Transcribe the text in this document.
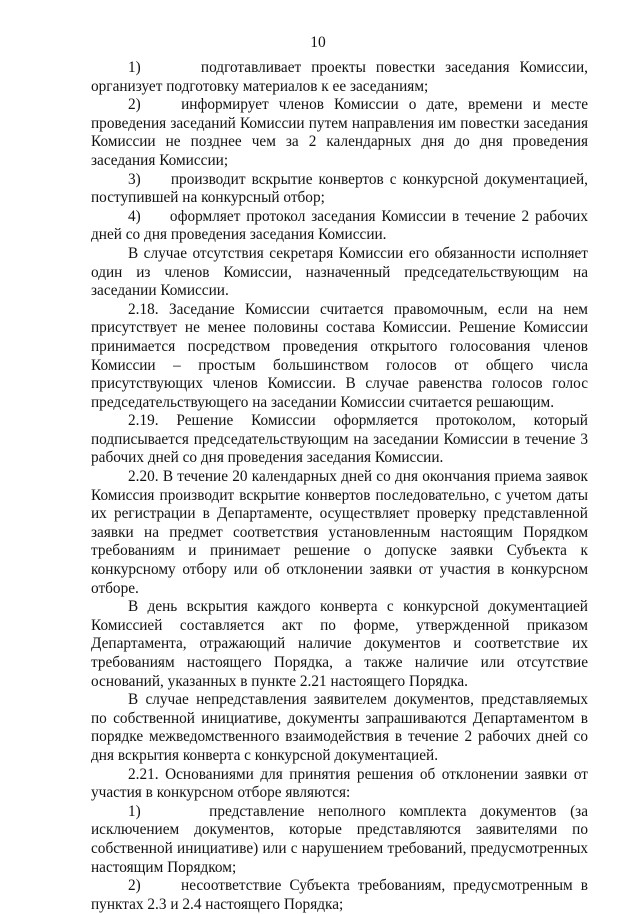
10

1)      подготавливает проекты повестки заседания Комиссии, организует подготовку материалов к ее заседаниям;

2)    информирует членов Комиссии о дате, времени и месте проведения заседаний Комиссии путем направления им повестки заседания Комиссии не позднее чем за 2 календарных дня до дня проведения заседания Комиссии;

3)     производит вскрытие конвертов с конкурсной документацией, поступившей на конкурсный отбор;

4)     оформляет протокол заседания Комиссии в течение 2 рабочих дней со дня проведения заседания Комиссии.

В случае отсутствия секретаря Комиссии его обязанности исполняет один из членов Комиссии, назначенный председательствующим на заседании Комиссии.

2.18. Заседание Комиссии считается правомочным, если на нем присутствует не менее половины состава Комиссии. Решение Комиссии принимается посредством проведения открытого голосования членов Комиссии – простым большинством голосов от общего числа присутствующих членов Комиссии. В случае равенства голосов голос председательствующего на заседании Комиссии считается решающим.

2.19. Решение Комиссии оформляется протоколом, который подписывается председательствующим на заседании Комиссии в течение 3 рабочих дней со дня проведения заседания Комиссии.

2.20. В течение 20 календарных дней со дня окончания приема заявок Комиссия производит вскрытие конвертов последовательно, с учетом даты их регистрации в Департаменте, осуществляет проверку представленной заявки на предмет соответствия установленным настоящим Порядком требованиям и принимает решение о допуске заявки Субъекта к конкурсному отбору или об отклонении заявки от участия в конкурсном отборе.

В день вскрытия каждого конверта с конкурсной документацией Комиссией составляется акт по форме, утвержденной приказом Департамента, отражающий наличие документов и соответствие их требованиям настоящего Порядка, а также наличие или отсутствие оснований, указанных в пункте 2.21 настоящего Порядка.

В случае непредставления заявителем документов, представляемых по собственной инициативе, документы запрашиваются Департаментом в порядке межведомственного взаимодействия в течение 2 рабочих дней со дня вскрытия конверта с конкурсной документацией.

2.21. Основаниями для принятия решения об отклонении заявки от участия в конкурсном отборе являются:

1)     представление неполного комплекта документов (за исключением документов, которые представляются заявителями по собственной инициативе) или с нарушением требований, предусмотренных настоящим Порядком;

2)     несоответствие Субъекта требованиям, предусмотренным в пунктах 2.3 и 2.4 настоящего Порядка;
